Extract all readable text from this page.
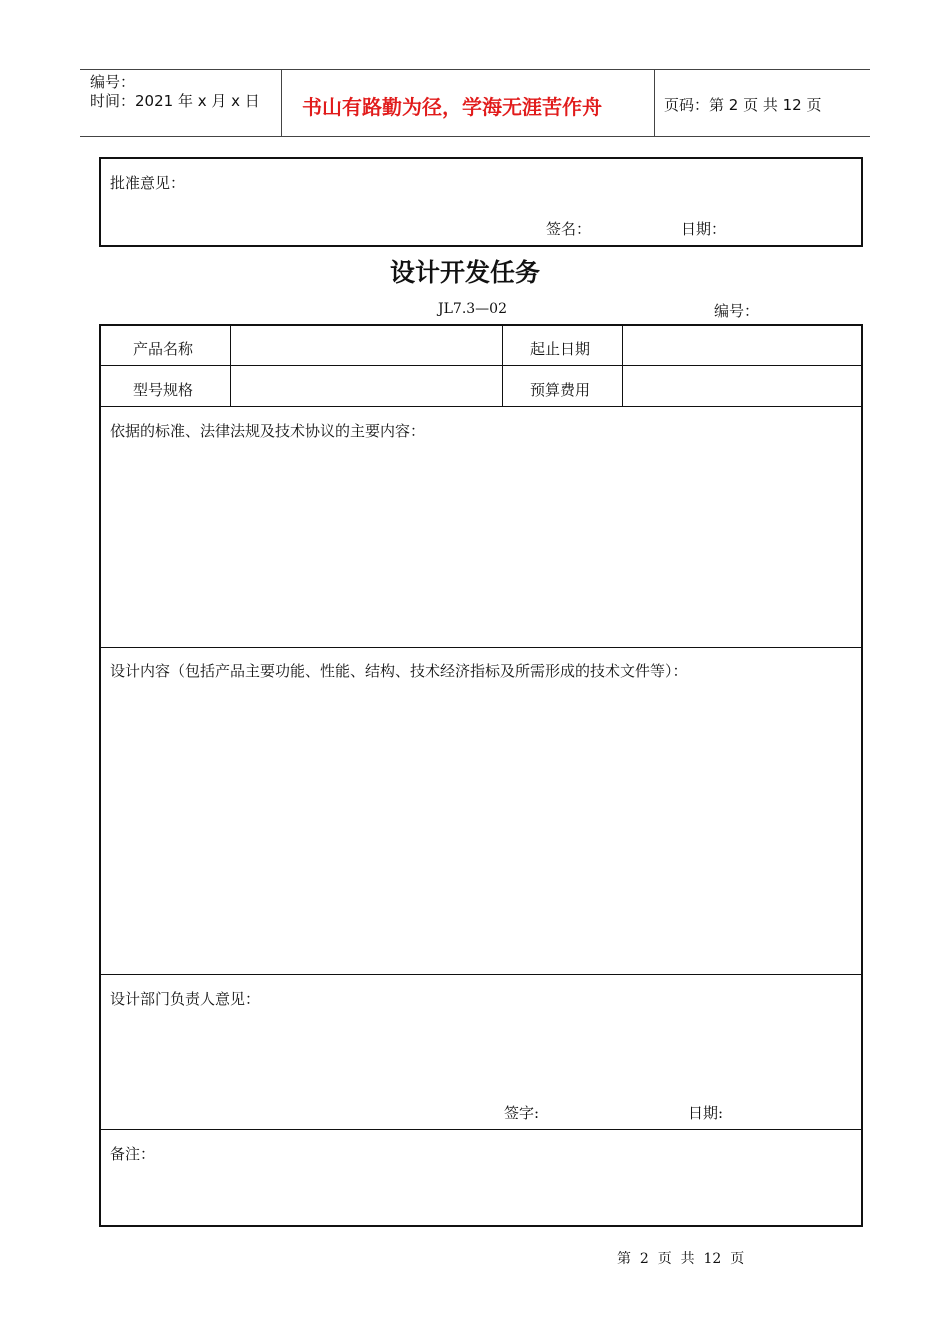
编号：
时间：2021 年 x 月 x 日 书山有路勤为径，学海无涯苦作舟	页码：第 2 页 共 12 页
批准意见：
签名：	日期：
设计开发任务
JL7.3—02	编号：
产品名称	起止日期
型号规格	预算费用
依据的标准、法律法规及技术协议的主要内容：
设计内容（包括产品主要功能、性能、结构、技术经济指标及所需形成的技术文件等）：
设计部门负责人意见：
签字:	日期:
备注：
第  2  页  共  12  页
